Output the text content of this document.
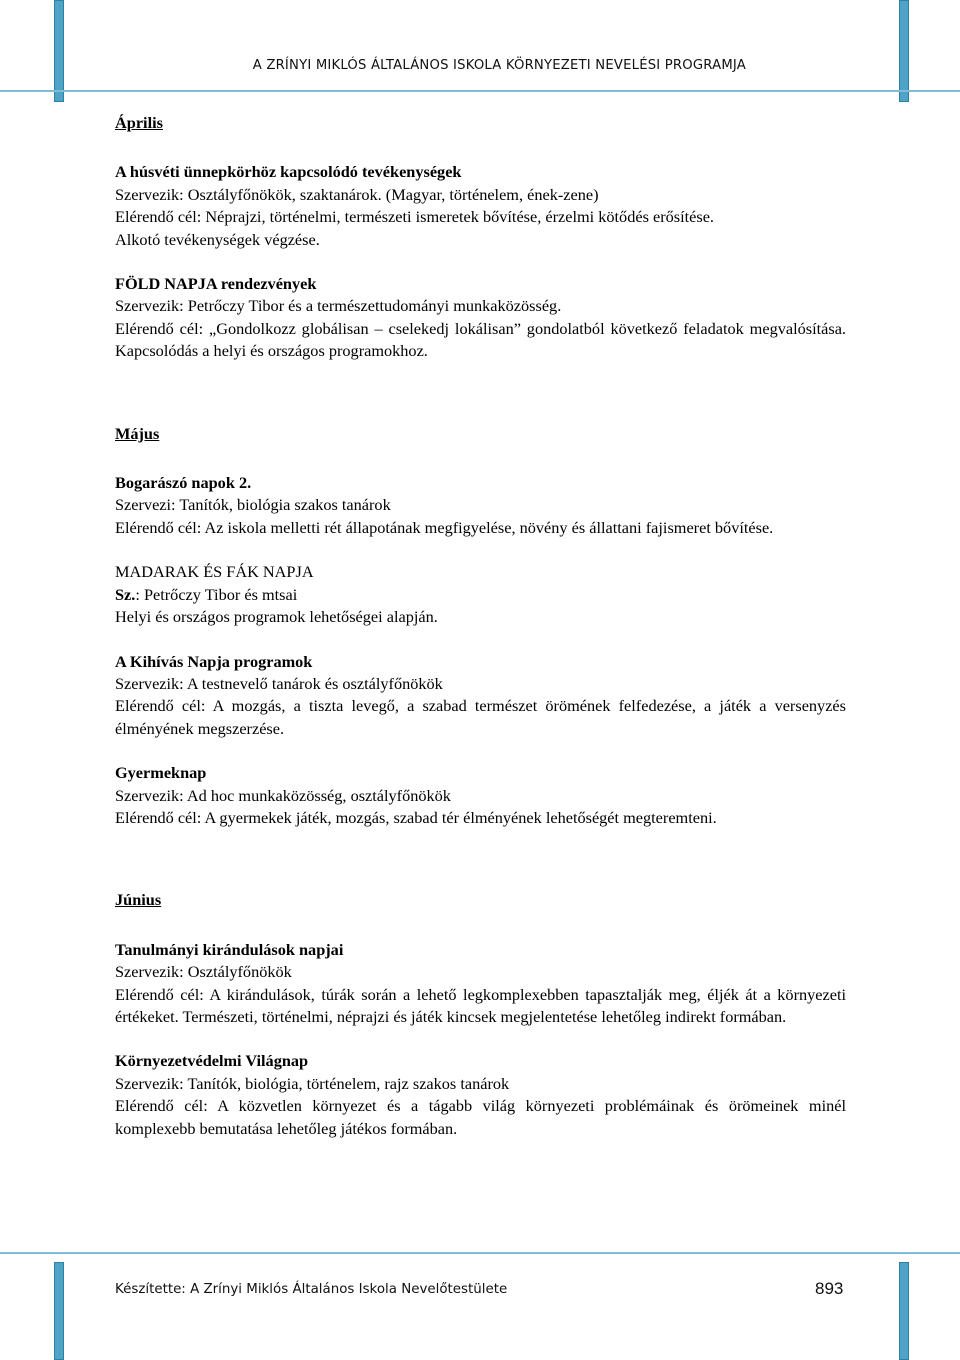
A ZRÍNYI MIKLÓS ÁLTALÁNOS ISKOLA KÖRNYEZETI NEVELÉSI PROGRAMJA

Április

A húsvéti ünnepkörhöz kapcsolódó tevékenységek

Szervezik: Osztályfőnökök, szaktanárok. (Magyar, történelem, ének-zene)

Elérendő cél: Néprajzi, történelmi, természeti ismeretek bővítése, érzelmi kötődés erősítése.

Alkotó tevékenységek végzése.

FÖLD NAPJA rendezvények

Szervezik: Petrőczy Tibor és a természettudományi munkaközösség.

Elérendő cél: „Gondolkozz globálisan – cselekedj lokálisan” gondolatból következő feladatok megvalósítása. Kapcsolódás a helyi és országos programokhoz.

Május

Bogarászó napok 2.

Szervezi: Tanítók, biológia szakos tanárok

Elérendő cél: Az iskola melletti rét állapotának megfigyelése, növény és állattani fajismeret bővítése.

MADARAK ÉS FÁK NAPJA

Sz.: Petrőczy Tibor és mtsai

Helyi és országos programok lehetőségei alapján.

A Kihívás Napja programok

Szervezik: A testnevelő tanárok és osztályfőnökök

Elérendő cél: A mozgás, a tiszta levegő, a szabad természet örömének felfedezése, a játék a versenyzés élményének megszerzése.

Gyermeknap

Szervezik: Ad hoc munkaközösség, osztályfőnökök

Elérendő cél: A gyermekek játék, mozgás, szabad tér élményének lehetőségét megteremteni.

Június

Tanulmányi kirándulások napjai

Szervezik: Osztályfőnökök

Elérendő cél: A kirándulások, túrák során a lehető legkomplexebben tapasztalják meg, éljék át a környezeti értékeket. Természeti, történelmi, néprajzi és játék kincsek megjelentetése lehetőleg indirekt formában.

Környezetvédelmi Világnap

Szervezik: Tanítók, biológia, történelem, rajz szakos tanárok

Elérendő cél: A közvetlen környezet és a tágabb világ környezeti problémáinak és örömeinek minél komplexebb bemutatása lehetőleg játékos formában.

Készítette: A Zrínyi Miklós Általános Iskola Nevelőtestülete	893
